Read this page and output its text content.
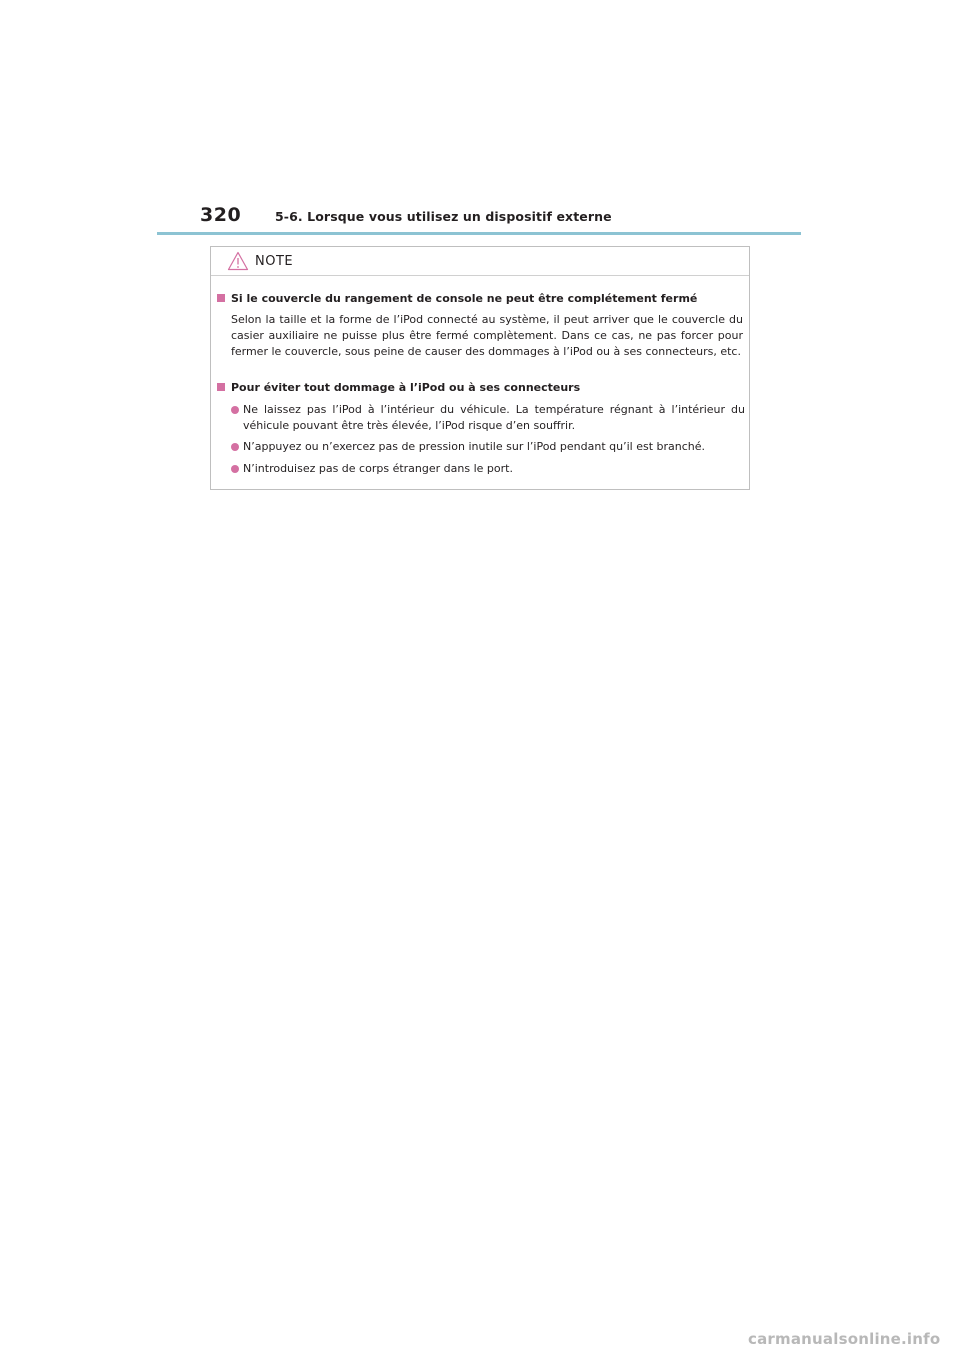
320	5-6. Lorsque vous utilisez un dispositif externe
NOTE
Si le couvercle du rangement de console ne peut être complétement fermé
Selon la taille et la forme de l’iPod connecté au système, il peut arriver que le couvercle du casier auxiliaire ne puisse plus être fermé complètement. Dans ce cas, ne pas forcer pour fermer le couvercle, sous peine de causer des dommages à l’iPod ou à ses connecteurs, etc.
Pour éviter tout dommage à l’iPod ou à ses connecteurs
Ne laissez pas l’iPod à l’intérieur du véhicule. La température régnant à l’intérieur du véhicule pouvant être très élevée, l’iPod risque d’en souffrir.
N’appuyez ou n’exercez pas de pression inutile sur l’iPod pendant qu’il est branché.
N’introduisez pas de corps étranger dans le port.
carmanualsonline.info
